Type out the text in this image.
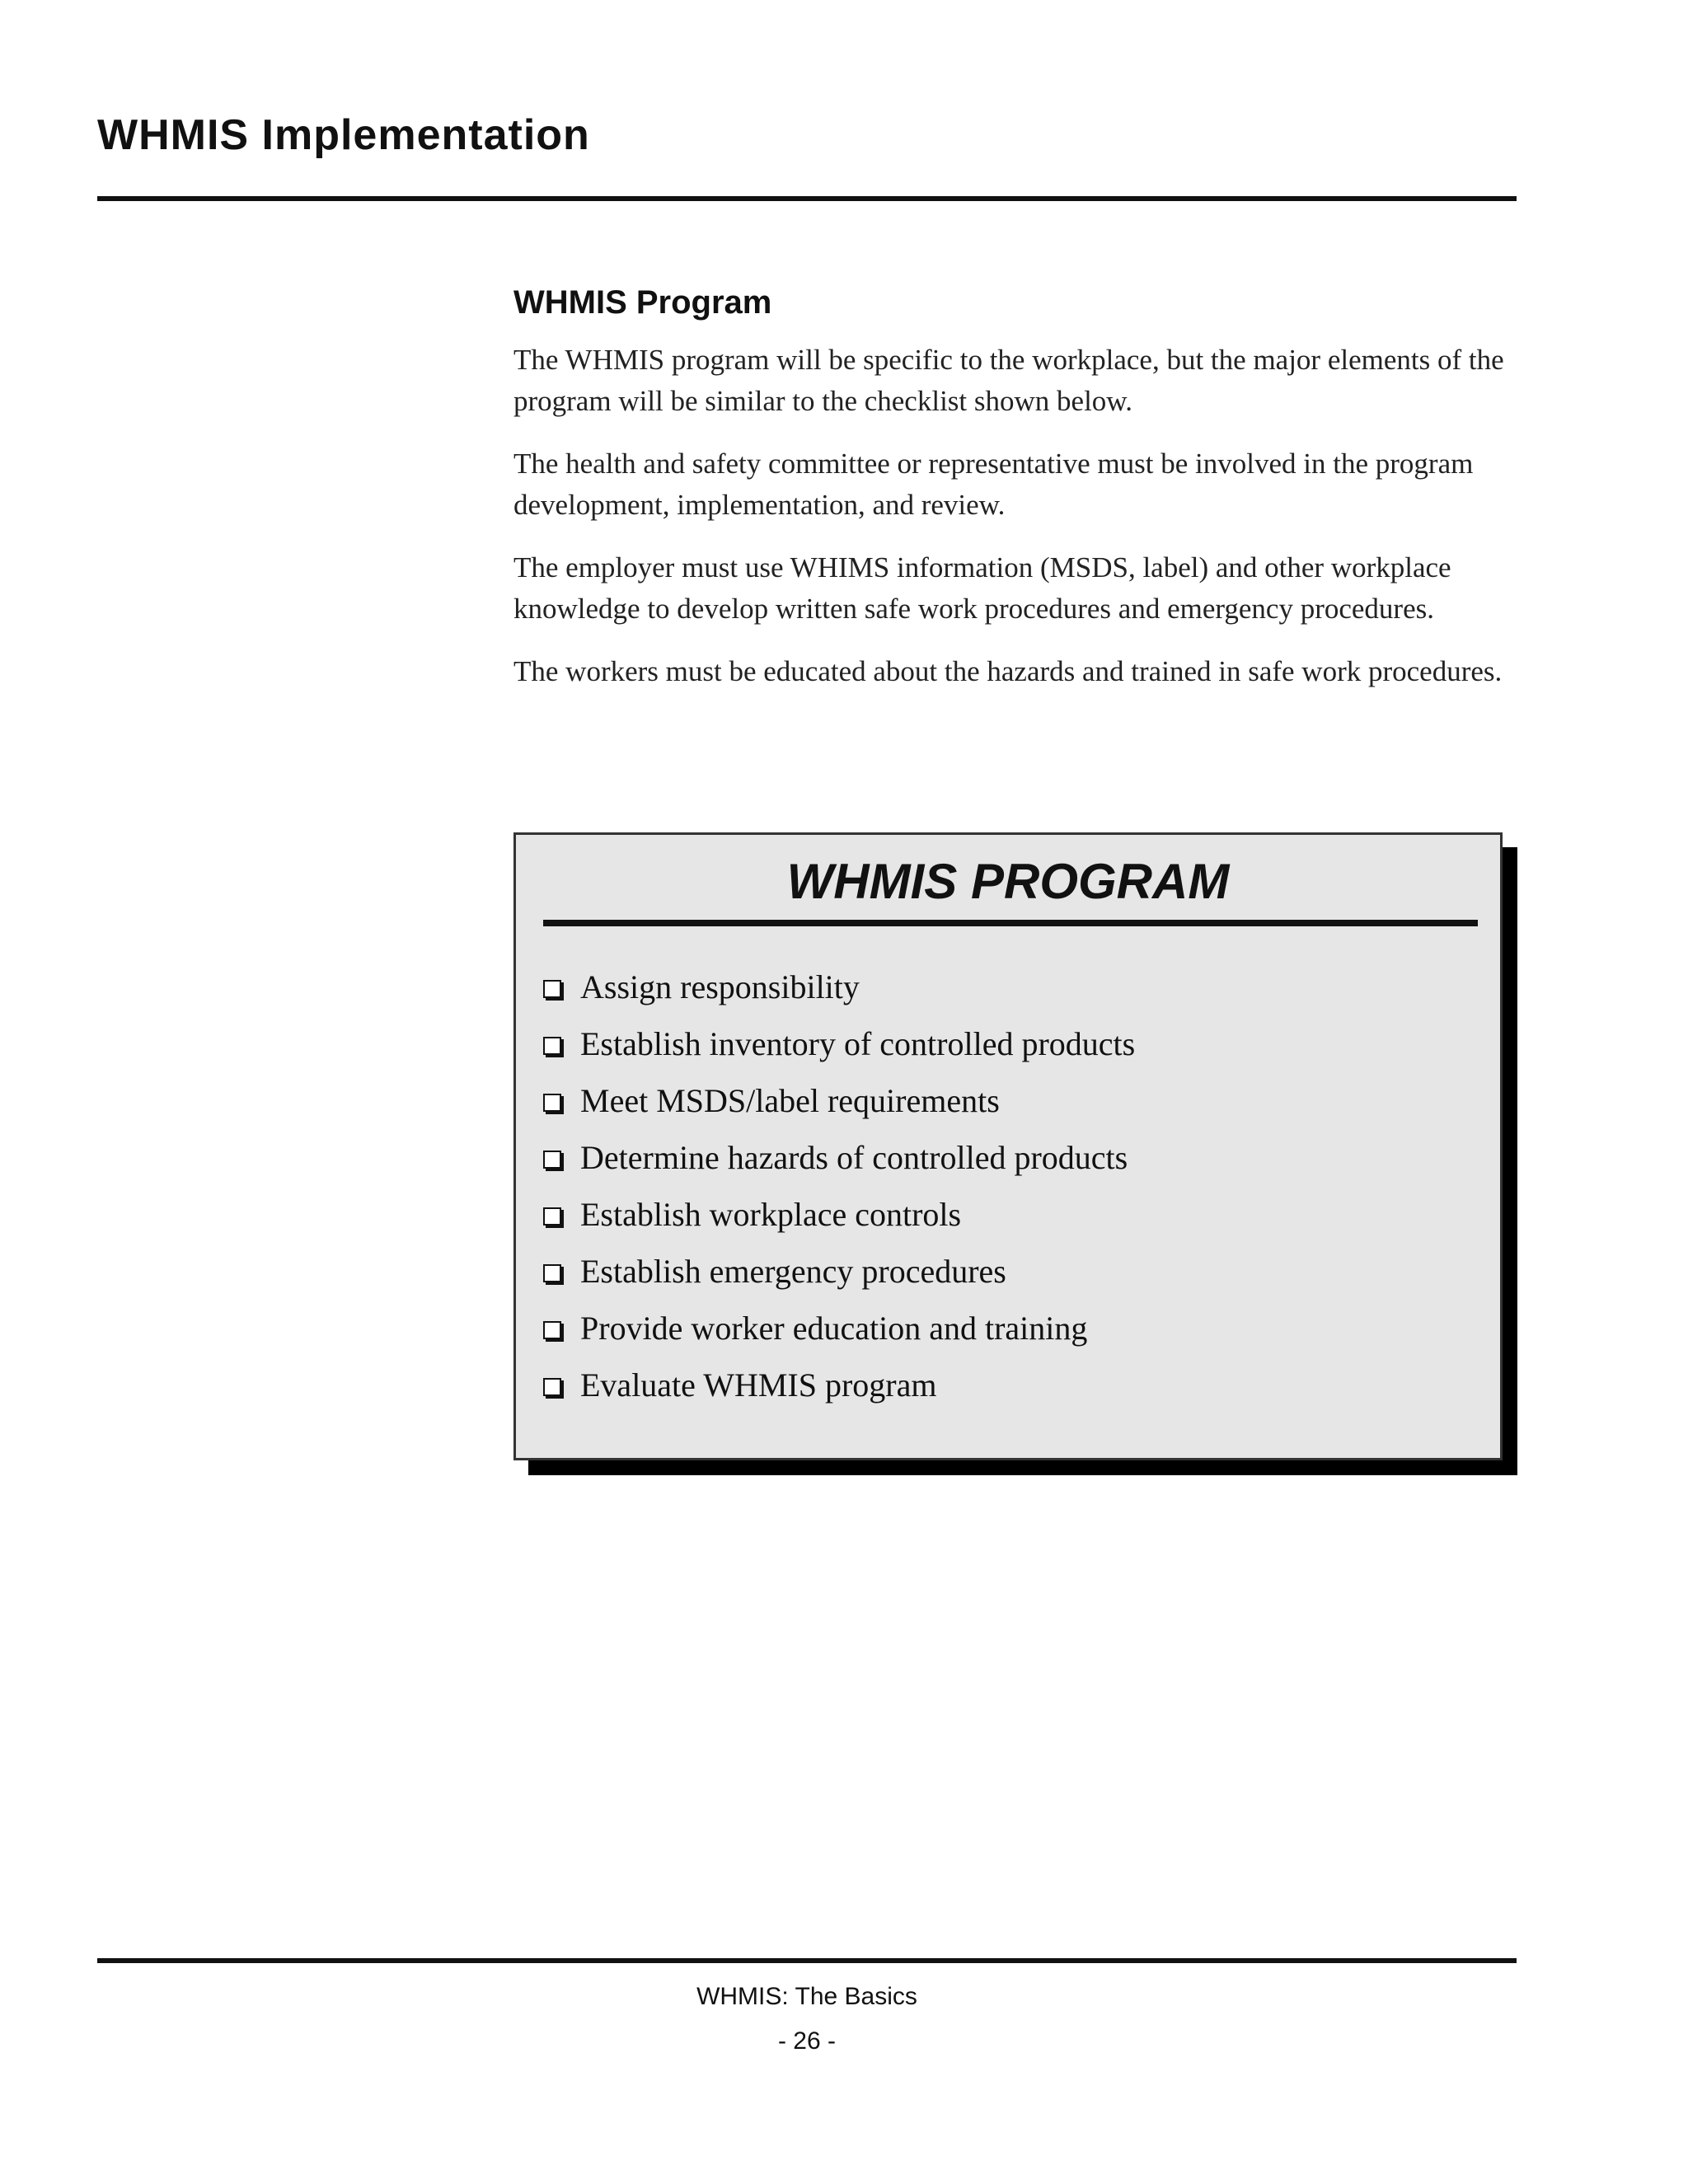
WHMIS Implementation
WHMIS Program

The WHMIS program will be specific to the workplace, but the major elements of the program will be similar to the checklist shown below.

The health and safety committee or representative must be involved in the program development, implementation, and review.

The employer must use WHIMS information (MSDS, label) and other workplace knowledge to develop written safe work procedures and emergency procedures.

The workers must be educated about the hazards and trained in safe work procedures.

WHMIS PROGRAM
Assign responsibility
Establish inventory of controlled products
Meet MSDS/label requirements
Determine hazards of controlled products
Establish workplace controls
Establish emergency procedures
Provide worker education and training
Evaluate WHMIS program

WHMIS: The Basics

- 26 -
